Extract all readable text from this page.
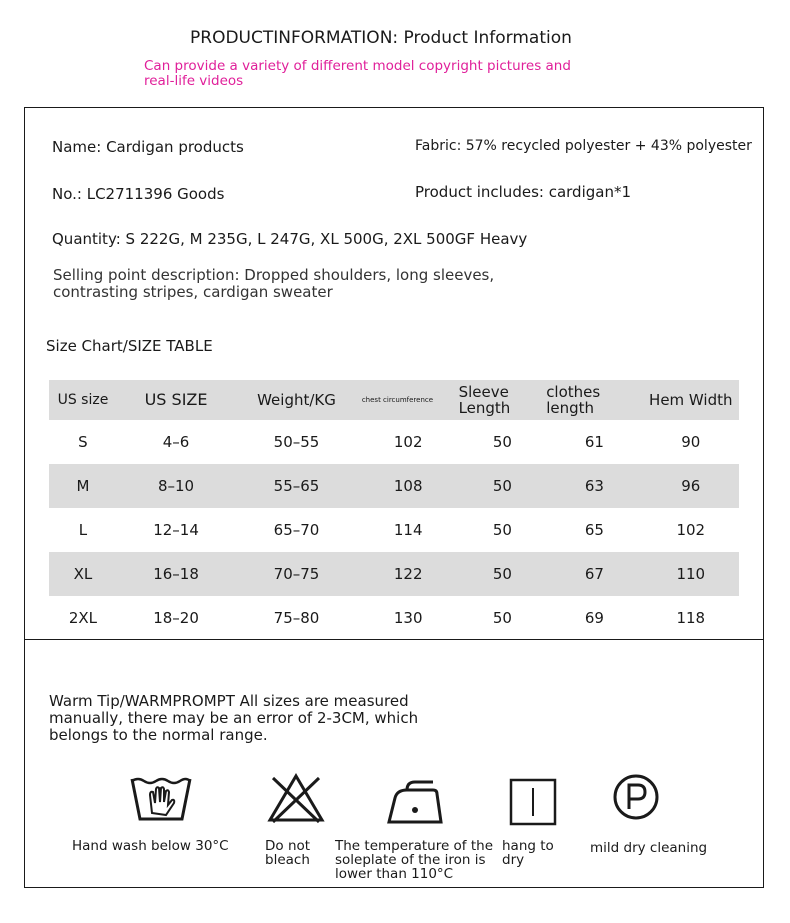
PRODUCTINFORMATION: Product Information
Can provide a variety of different model copyright pictures and real-life videos
Name: Cardigan products	Fabric: 57% recycled polyester + 43% polyester
No.: LC2711396 Goods	Product includes: cardigan*1
Quantity: S 222G, M 235G, L 247G, XL 500G, 2XL 500GF Heavy
Selling point description: Dropped shoulders, long sleeves, contrasting stripes, cardigan sweater
Size Chart/SIZE TABLE
US size	US SIZE	Weight/KG	chest circumference	Sleeve Length	clothes length	Hem Width
S	4–6	50–55	102	50	61	90
M	8–10	55–65	108	50	63	96
L	12–14	65–70	114	50	65	102
XL	16–18	70–75	122	50	67	110
2XL	18–20	75–80	130	50	69	118
Warm Tip/WARMPROMPT All sizes are measured manually, there may be an error of 2-3CM, which belongs to the normal range.
Hand wash below 30°C	Do not bleach
The temperature of the soleplate of the iron is lower than 110°C
hang to dry
mild dry cleaning
